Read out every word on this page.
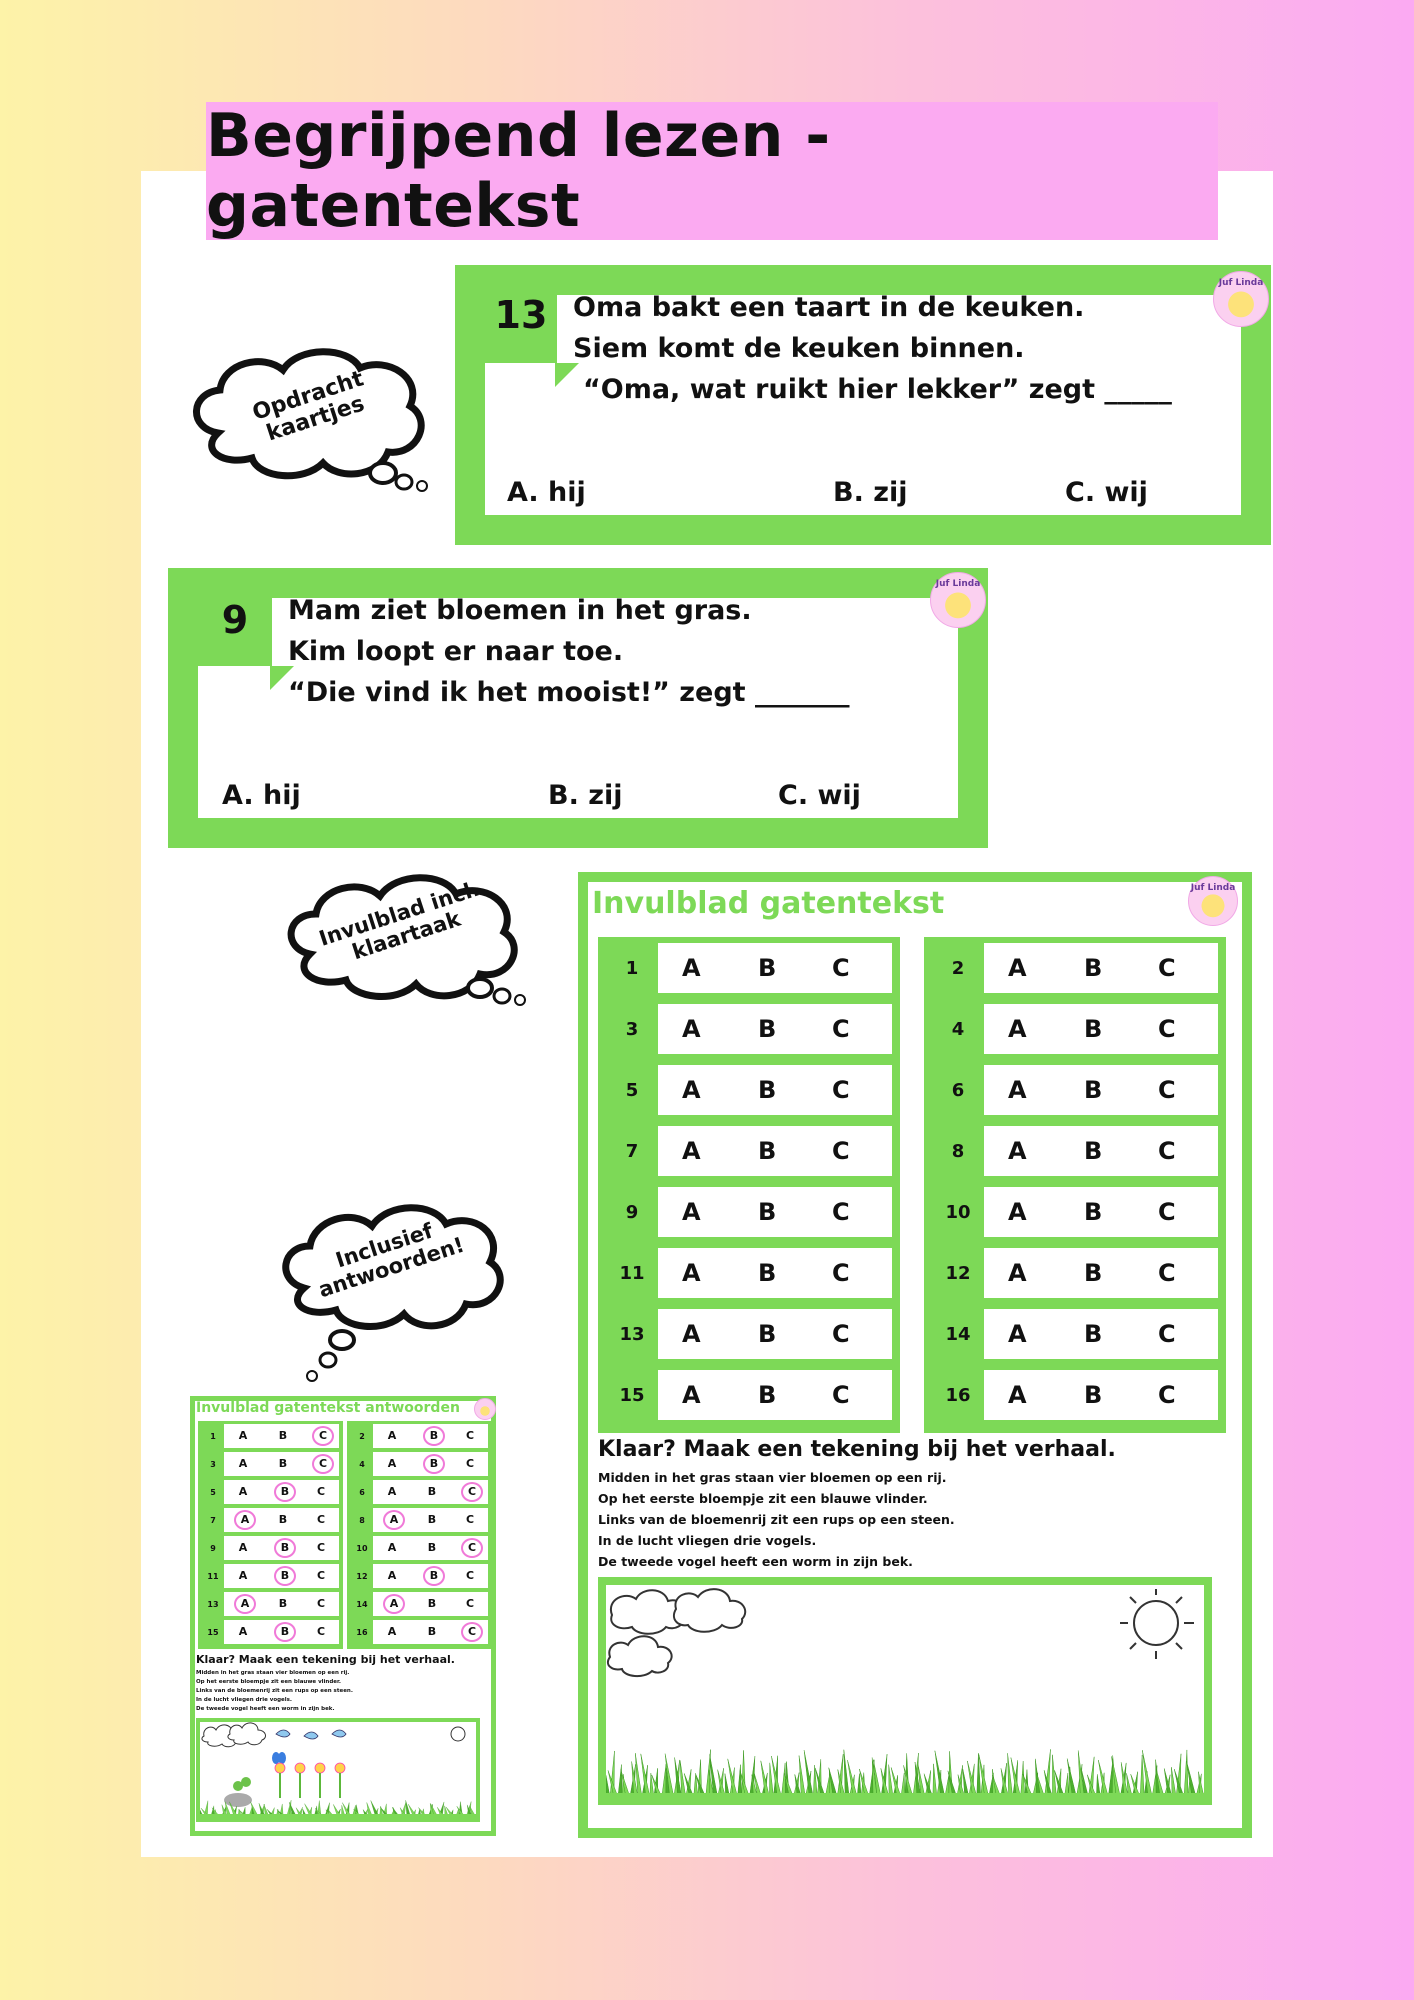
Begrijpend lezen - gatentekst
13 Oma bakt een taart in de keuken.
Siem komt de keuken binnen.
“Oma, wat ruikt hier lekker” zegt _____
A. hij	B. zij	C. wij
Juf Linda
9	Mam ziet bloemen in het gras.
Kim loopt er naar toe.
“Die vind ik het mooist!” zegt _______
A. hij	B. zij	C. wij
Juf Linda
Opdracht kaartjes
Invulblad incl. klaartaak
Inclusief antwoorden!
Invulblad gatentekst	Juf Linda
1	A B C
3	A B C
5	A B C
7	A B C
9	A B C
11	A B C
13	A B C
15	A B C
2	A B C
4	A B C
6	A B C
8	A B C
10	A B C
12	A B C
14	A B C
16	A B C
Klaar? Maak een tekening bij het verhaal.
Midden in het gras staan vier bloemen op een rij.
Op het eerste bloempje zit een blauwe vlinder.
Links van de bloemenrij zit een rups op een steen.
In de lucht vliegen drie vogels.
De tweede vogel heeft een worm in zijn bek.
Invulblad gatentekst antwoorden
1	A	B	C
3	A	B	C
5	A	B	C
7	A	B	C
9	A	B	C
11	A	B	C
13	A	B	C
15	A	B	C
2	A	B	C
4	A	B	C
6	A	B	C
8	A	B	C
10	A	B	C
12	A	B	C
14	A	B	C
16	A	B	C
Klaar? Maak een tekening bij het verhaal.
Midden in het gras staan vier bloemen op een rij.
Op het eerste bloempje zit een blauwe vlinder.
Links van de bloemenrij zit een rups op een steen.
In de lucht vliegen drie vogels.
De tweede vogel heeft een worm in zijn bek.
